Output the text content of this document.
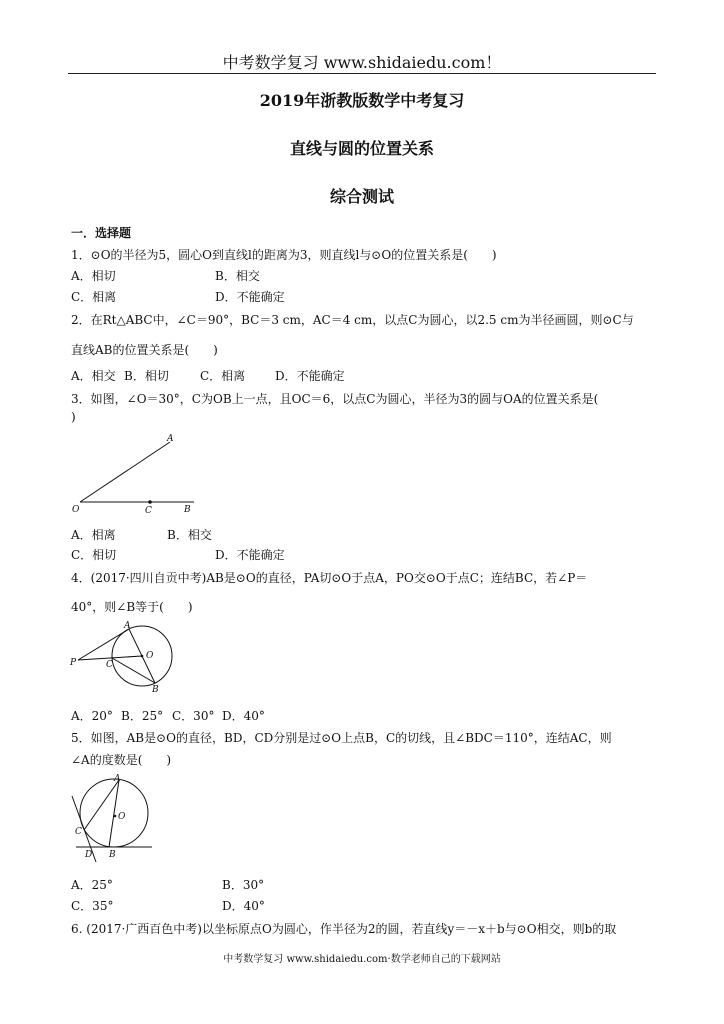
中考数学复习 www.shidaiedu.com！
2019年浙教版数学中考复习
直线与圆的位置关系
综合测试
一．选择题
1．⊙O的半径为5，圆心O到直线l的距离为3，则直线l与⊙O的位置关系是(　　)
A．相切	B．相交
C．相离	D．不能确定
2．在Rt△ABC中，∠C＝90°，BC＝3 cm，AC＝4 cm，以点C为圆心，以2.5 cm为半径画圆，则⊙C与
直线AB的位置关系是(　　)
A．相交 B．相切	C．相离 D．不能确定
3．如图，∠O＝30°，C为OB上一点，且OC＝6，以点C为圆心，半径为3的圆与OA的位置关系是(
)
A
O	C	B
A．相离	B．相交
C．相切	D．不能确定
4．(2017·四川自贡中考)AB是⊙O的直径，PA切⊙O于点A，PO交⊙O于点C；连结BC，若∠P＝
40°，则∠B等于(　　)
A
P	C
O
B
A．20° B．25° C．30° D．40°
5．如图，AB是⊙O的直径，BD，CD分别是过⊙O上点B，C的切线，且∠BDC＝110°，连结AC，则
∠A的度数是(　　)
A
O
C
D B
A．25°	B．30°
C．35°	D．40°
6. (2017·广西百色中考)以坐标原点O为圆心，作半径为2的圆，若直线y＝－x＋b与⊙O相交，则b的取
中考数学复习 www.shidaiedu.com·数学老师自己的下载网站
